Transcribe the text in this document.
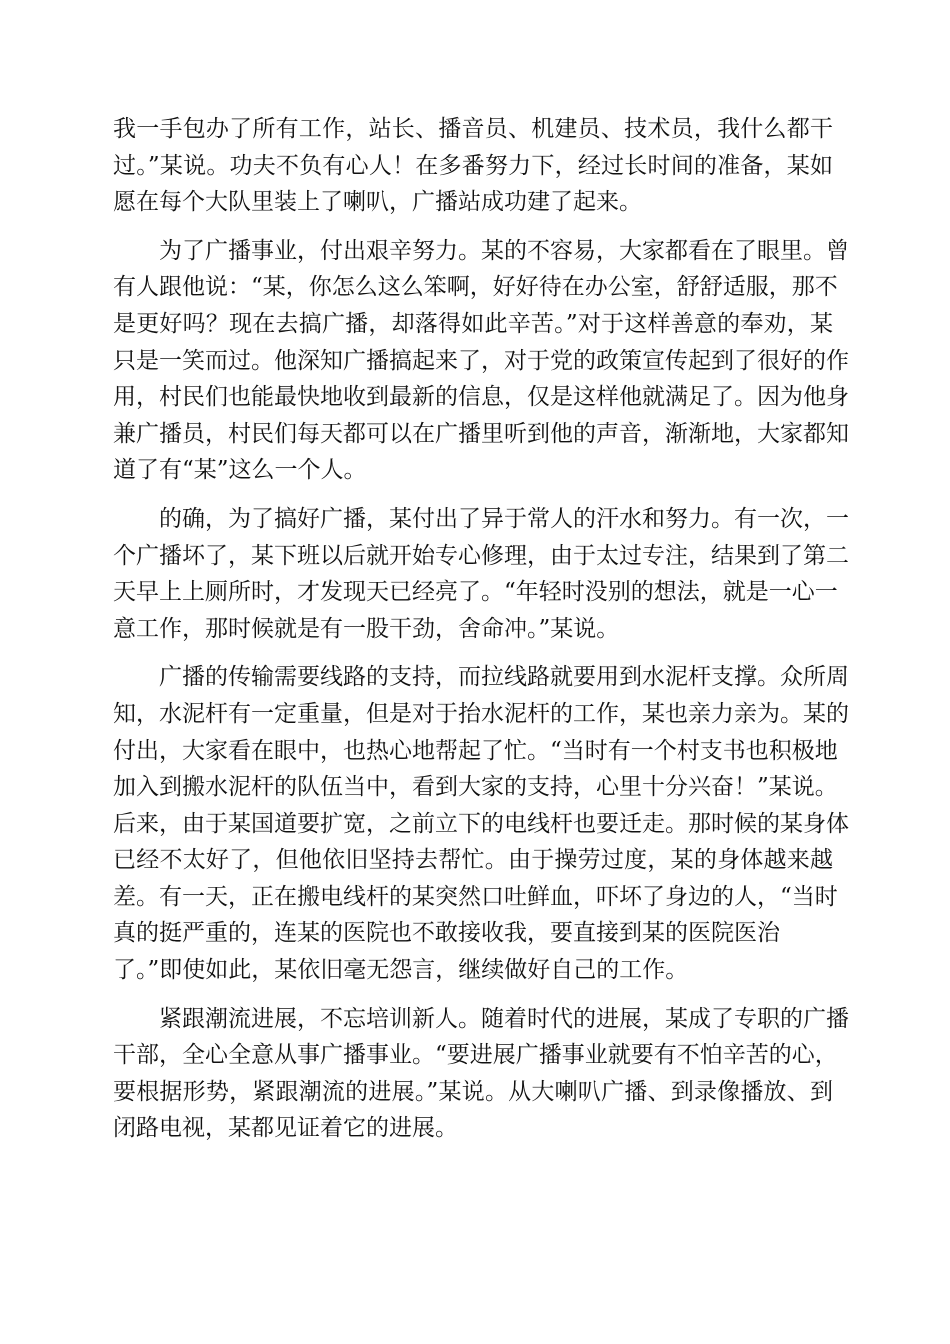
我一手包办了所有工作，站长、播音员、机建员、技术员，我什么都干
过。”某说。功夫不负有心人！在多番努力下，经过长时间的准备，某如
愿在每个大队里装上了喇叭，广播站成功建了起来。
为了广播事业，付出艰辛努力。某的不容易，大家都看在了眼里。曾
有人跟他说：“某，你怎么这么笨啊，好好待在办公室，舒舒适服，那不
是更好吗？现在去搞广播，却落得如此辛苦。”对于这样善意的奉劝，某
只是一笑而过。他深知广播搞起来了，对于党的政策宣传起到了很好的作
用，村民们也能最快地收到最新的信息，仅是这样他就满足了。因为他身
兼广播员，村民们每天都可以在广播里听到他的声音，渐渐地，大家都知
道了有“某”这么一个人。
的确，为了搞好广播，某付出了异于常人的汗水和努力。有一次，一
个广播坏了，某下班以后就开始专心修理，由于太过专注，结果到了第二
天早上上厕所时，才发现天已经亮了。“年轻时没别的想法，就是一心一
意工作，那时候就是有一股干劲，舍命冲。”某说。
广播的传输需要线路的支持，而拉线路就要用到水泥杆支撑。众所周
知，水泥杆有一定重量，但是对于抬水泥杆的工作，某也亲力亲为。某的
付出，大家看在眼中，也热心地帮起了忙。“当时有一个村支书也积极地
加入到搬水泥杆的队伍当中，看到大家的支持，心里十分兴奋！”某说。
后来，由于某国道要扩宽，之前立下的电线杆也要迁走。那时候的某身体
已经不太好了，但他依旧坚持去帮忙。由于操劳过度，某的身体越来越
差。有一天，正在搬电线杆的某突然口吐鲜血，吓坏了身边的人，“当时
真的挺严重的，连某的医院也不敢接收我，要直接到某的医院医治
了。”即使如此，某依旧毫无怨言，继续做好自己的工作。
紧跟潮流进展，不忘培训新人。随着时代的进展，某成了专职的广播
干部，全心全意从事广播事业。“要进展广播事业就要有不怕辛苦的心，
要根据形势，紧跟潮流的进展。”某说。从大喇叭广播、到录像播放、到
闭路电视，某都见证着它的进展。
